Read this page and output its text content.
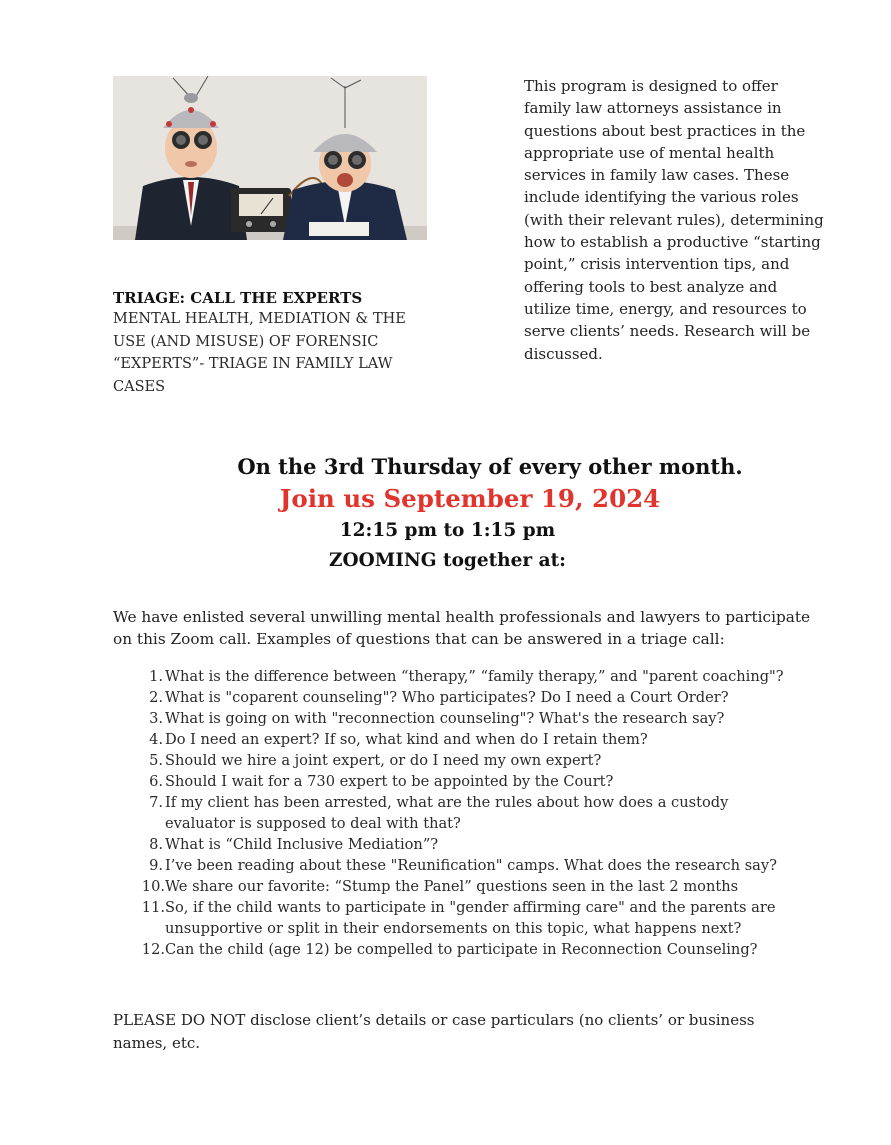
TRIAGE: CALL THE EXPERTS
MENTAL HEALTH, MEDIATION & THE
USE (AND MISUSE) OF FORENSIC
“EXPERTS”- TRIAGE IN FAMILY LAW
CASES
This program is designed to offer
family law attorneys assistance in
questions about best practices in the
appropriate use of mental health
services in family law cases. These
include identifying the various roles
(with their relevant rules), determining
how to establish a productive “starting
point,” crisis intervention tips, and
offering tools to best analyze and
utilize time, energy, and resources to
serve clients’ needs. Research will be
discussed.
On the 3rd Thursday of every other month.
Join us September 19, 2024
12:15 pm to 1:15 pm
ZOOMING together at:
We have enlisted several unwilling mental health professionals and lawyers to participate
on this Zoom call. Examples of questions that can be answered in a triage call:
1. What is the difference between “therapy,” “family therapy,” and "parent coaching"?
2. What is "coparent counseling"? Who participates? Do I need a Court Order?
3. What is going on with "reconnection counseling"? What's the research say?
4. Do I need an expert? If so, what kind and when do I retain them?
5. Should we hire a joint expert, or do I need my own expert?
6. Should I wait for a 730 expert to be appointed by the Court?
7. If my client has been arrested, what are the rules about how does a custody
evaluator is supposed to deal with that?
8. What is “Child Inclusive Mediation”?
9. I’ve been reading about these "Reunification" camps. What does the research say?
10. We share our favorite: “Stump the Panel” questions seen in the last 2 months
11. So, if the child wants to participate in "gender affirming care" and the parents are
unsupportive or split in their endorsements on this topic, what happens next?
12. Can the child (age 12) be compelled to participate in Reconnection Counseling?
PLEASE DO NOT disclose client’s details or case particulars (no clients’ or business
names, etc.
